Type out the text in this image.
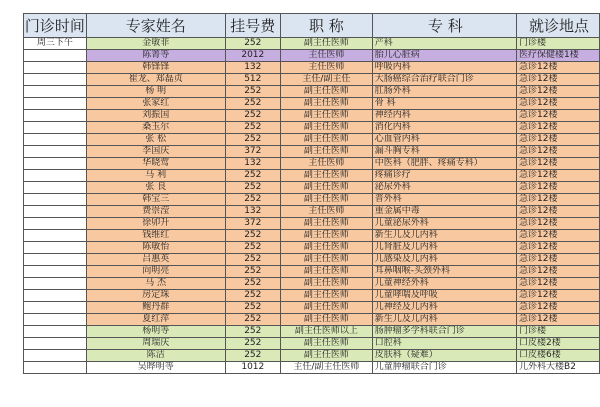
门诊时间	专家姓名	挂号费	职 称	专 科	就诊地点
周三下午	金敏菲	252	副主任医师	产科	门诊楼
	陈箐等	2012	主任医师	胎儿心脏病	医疗保健楼1楼
	韩锋锋	132	主任医师	呼吸内科	急诊12楼
	崔龙、郑磊贞	512	主任/副主任	大肠癌综合治疗联合门诊	急诊12楼
	杨 明	252	副主任医师	肛肠外科	急诊12楼
	张家红	252	副主任医师	骨 科	急诊12楼
	刘振国	252	副主任医师	神经内科	急诊12楼
	桑玉尔	252	副主任医师	消化内科	急诊12楼
	张 松	252	副主任医师	心血管内科	急诊12楼
	李国庆	372	副主任医师	漏斗胸专科	急诊12楼
	华晓莺	132	主任医师	中医科（肥胖、疼痛专科）	急诊12楼
	马 利	252	副主任医师	疼痛诊疗	急诊12楼
	张 良	252	副主任医师	泌尿外科	急诊12楼
	韩宝三	252	副主任医师	普外科	急诊12楼
	费崇滢	132	主任医师	重金属中毒	急诊12楼
	徐卯升	372	副主任医师	儿童泌尿外科	急诊12楼
	钱维红	252	副主任医师	新生儿及儿内科	急诊12楼
	陈敏怡	252	副主任医师	儿肾脏及儿内科	急诊12楼
	吕惠英	252	副主任医师	儿感染及儿内科	急诊12楼
	向明亮	252	副主任医师	耳鼻咽喉-头颈外科	急诊12楼
	马 杰	252	副主任医师	儿童神经外科	急诊12楼
	房定珠	252	副主任医师	儿童哮喘及呼吸	急诊12楼
	鲍丹群	252	副主任医师	儿神经及儿内科	急诊12楼
	夏红萍	252	副主任医师	新生儿及儿内科	急诊12楼
	杨明等	252	副主任医师以上	肠肿瘤多学科联合门诊	门诊楼
	周瑞庆	252	副主任医师	口腔科	口皮楼2楼
	陈洁	252	副主任医师	皮肤科（疑难）	口皮楼6楼
	吴晔明等	1012	主任/副主任医师	儿童肿瘤联合门诊	儿外科大楼B2
